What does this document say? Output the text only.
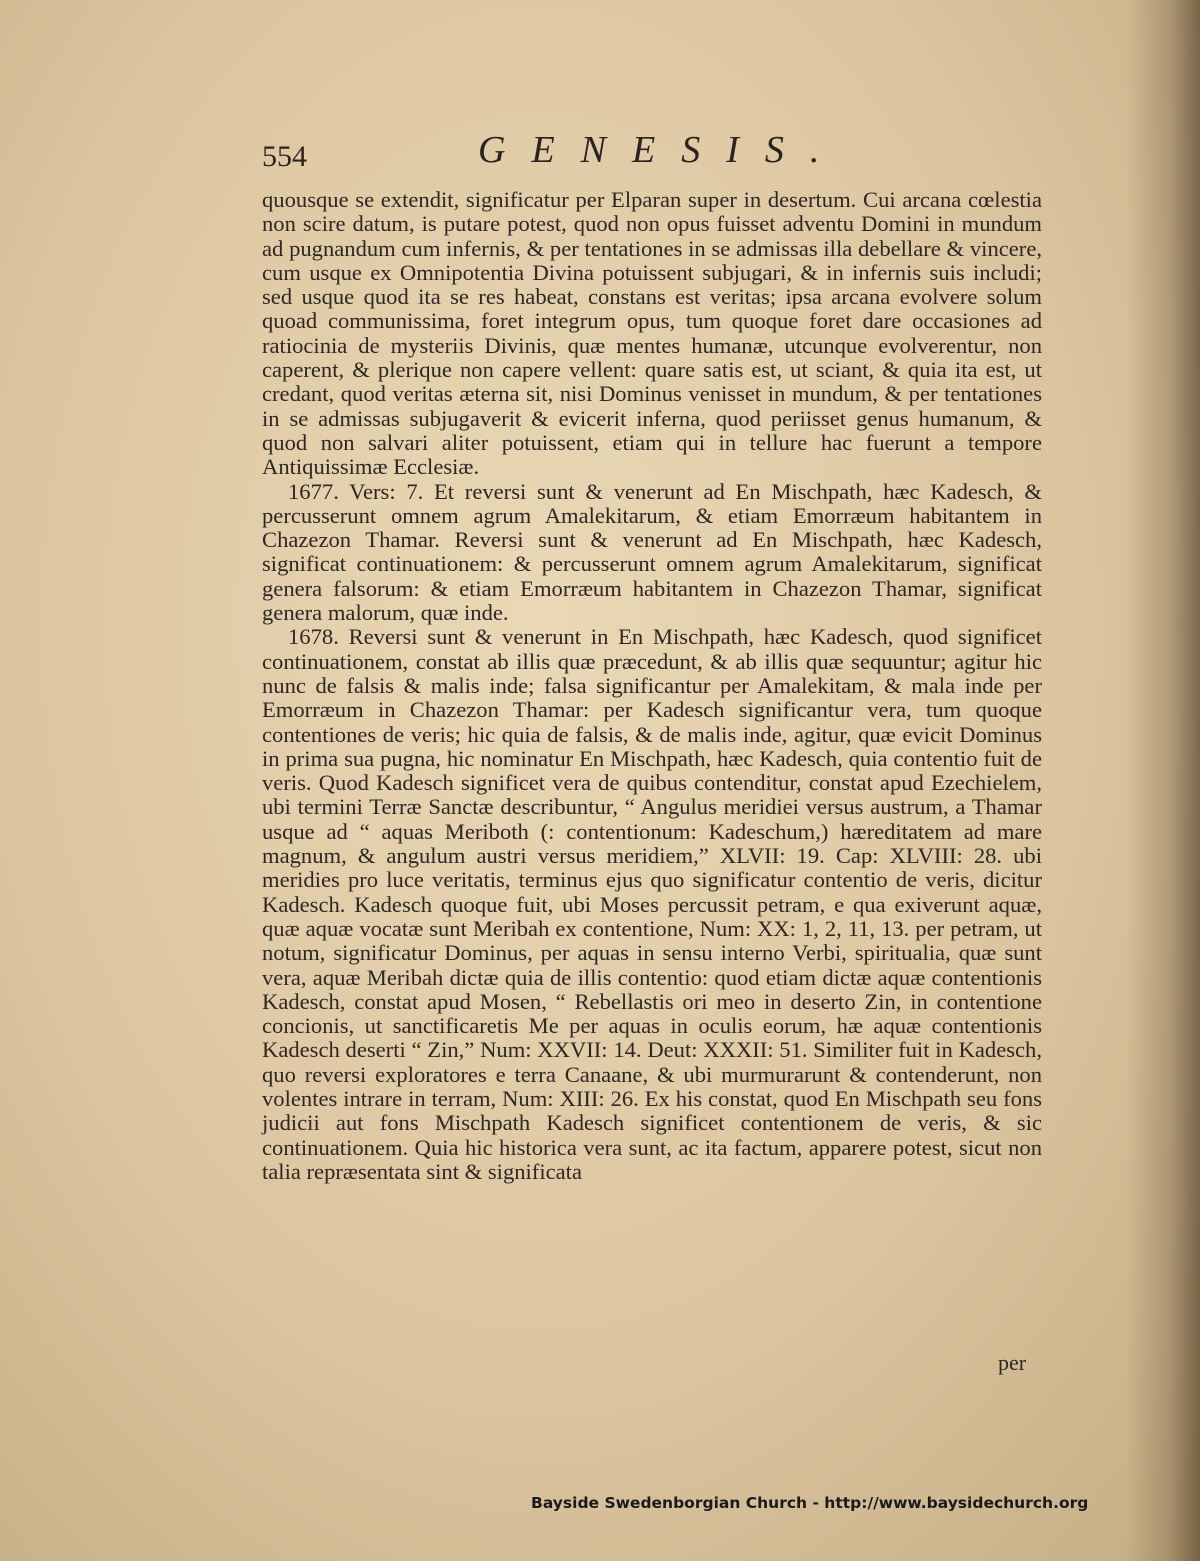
554	GENESIS.

quousque se extendit, significatur per Elparan super in desertum. Cui arcana cœlestia non scire datum, is putare potest, quod non opus fuisset adventu Domini in mundum ad pugnandum cum infernis, & per tentationes in se admissas illa debellare & vincere, cum usque ex Omnipotentia Divina potuissent subjugari, & in infernis suis includi; sed usque quod ita se res habeat, constans est veritas; ipsa arcana evolvere solum quoad communissima, foret integrum opus, tum quoque foret dare occasiones ad ratiocinia de mysteriis Divinis, quæ mentes humanæ, utcunque evolverentur, non caperent, & plerique non capere vellent: quare satis est, ut sciant, & quia ita est, ut credant, quod veritas æterna sit, nisi Dominus venisset in mundum, & per tentationes in se admissas subjugaverit & evicerit inferna, quod periisset genus humanum, & quod non salvari aliter potuissent, etiam qui in tellure hac fuerunt a tempore Antiquissimæ Ecclesiæ.

1677. Vers: 7. Et reversi sunt & venerunt ad En Mischpath, hæc Kadesch, & percusserunt omnem agrum Amalekitarum, & etiam Emorræum habitantem in Chazezon Thamar. Reversi sunt & venerunt ad En Mischpath, hæc Kadesch, significat continuationem: & percusserunt omnem agrum Amalekitarum, significat genera falsorum: & etiam Emorræum habitantem in Chazezon Thamar, significat genera malorum, quæ inde.

1678. Reversi sunt & venerunt in En Mischpath, hæc Kadesch, quod significet continuationem, constat ab illis quæ præcedunt, & ab illis quæ sequuntur; agitur hic nunc de falsis & malis inde; falsa significantur per Amalekitam, & mala inde per Emorræum in Chazezon Thamar: per Kadesch significantur vera, tum quoque contentiones de veris; hic quia de falsis, & de malis inde, agitur, quæ evicit Dominus in prima sua pugna, hic nominatur En Mischpath, hæc Kadesch, quia contentio fuit de veris. Quod Kadesch significet vera de quibus contenditur, constat apud Ezechielem, ubi termini Terræ Sanctæ describuntur, “ Angulus meridiei versus austrum, a Thamar usque ad “ aquas Meriboth (: contentionum: Kadeschum,) hæreditatem ad mare magnum, & angulum austri versus meridiem,” XLVII: 19. Cap: XLVIII: 28. ubi meridies pro luce veritatis, terminus ejus quo significatur contentio de veris, dicitur Kadesch. Kadesch quoque fuit, ubi Moses percussit petram, e qua exiverunt aquæ, quæ aquæ vocatæ sunt Meribah ex contentione, Num: XX: 1, 2, 11, 13. per petram, ut notum, significatur Dominus, per aquas in sensu interno Verbi, spiritualia, quæ sunt vera, aquæ Meribah dictæ quia de illis contentio: quod etiam dictæ aquæ contentionis Kadesch, constat apud Mosen, “ Rebellastis ori meo in deserto Zin, in contentione concionis, ut sanctificaretis Me per aquas in oculis eorum, hæ aquæ contentionis Kadesch deserti “ Zin,” Num: XXVII: 14. Deut: XXXII: 51. Similiter fuit in Kadesch, quo reversi exploratores e terra Canaane, & ubi murmurarunt & contenderunt, non volentes intrare in terram, Num: XIII: 26. Ex his constat, quod En Mischpath seu fons judicii aut fons Mischpath Kadesch significet contentionem de veris, & sic continuationem. Quia hic historica vera sunt, ac ita factum, apparere potest, sicut non talia repræsentata sint & significata

per
Bayside Swedenborgian Church - http://www.baysidechurch.org
